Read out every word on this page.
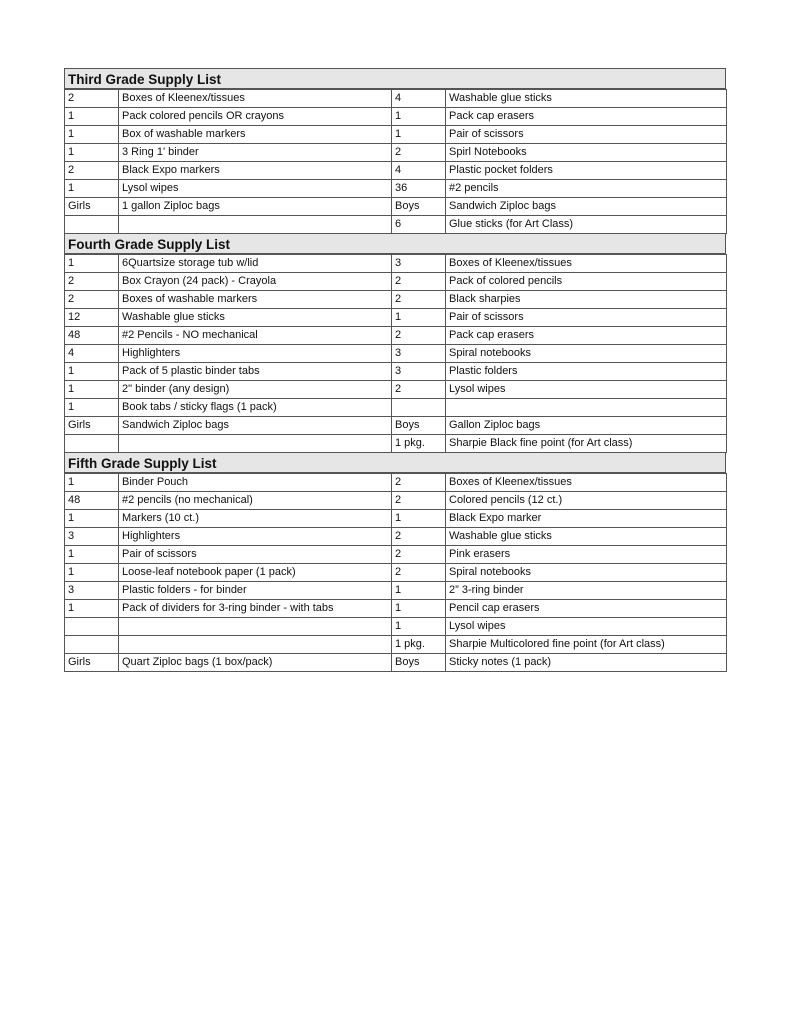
Third Grade Supply List
2	Boxes of Kleenex/tissues	4	Washable glue sticks
1	Pack colored pencils OR crayons	1	Pack cap erasers
1	Box of washable markers	1	Pair of scissors
1	3 Ring 1' binder	2	Spirl Notebooks
2	Black Expo markers	4	Plastic pocket folders
1	Lysol wipes	36	#2 pencils
Girls	1 gallon Ziploc bags	Boys	Sandwich Ziploc bags
		6	Glue sticks (for Art Class)
Fourth Grade Supply List
1	6Quartsize storage tub w/lid	3	Boxes of Kleenex/tissues
2	Box Crayon (24 pack) - Crayola	2	Pack of colored pencils
2	Boxes of washable markers	2	Black sharpies
12	Washable glue sticks	1	Pair of scissors
48	#2 Pencils - NO mechanical	2	Pack cap erasers
4	Highlighters	3	Spiral notebooks
1	Pack of 5 plastic binder tabs	3	Plastic folders
1	2" binder (any design)	2	Lysol wipes
1	Book tabs / sticky flags (1 pack)		
Girls	Sandwich Ziploc bags	Boys	Gallon Ziploc bags
		1 pkg.	Sharpie Black fine point (for Art class)
Fifth Grade Supply List
1	Binder Pouch	2	Boxes of Kleenex/tissues
48	#2 pencils (no mechanical)	2	Colored pencils (12 ct.)
1	Markers (10 ct.)	1	Black Expo marker
3	Highlighters	2	Washable glue sticks
1	Pair of scissors	2	Pink erasers
1	Loose-leaf notebook paper (1 pack)	2	Spiral notebooks
3	Plastic folders - for binder	1	2” 3-ring binder
1	Pack of dividers for 3-ring binder - with tabs	1	Pencil cap erasers
		1	Lysol wipes
		1 pkg.	Sharpie Multicolored fine point (for Art class)
Girls	Quart Ziploc bags (1 box/pack)	Boys	Sticky notes (1 pack)
